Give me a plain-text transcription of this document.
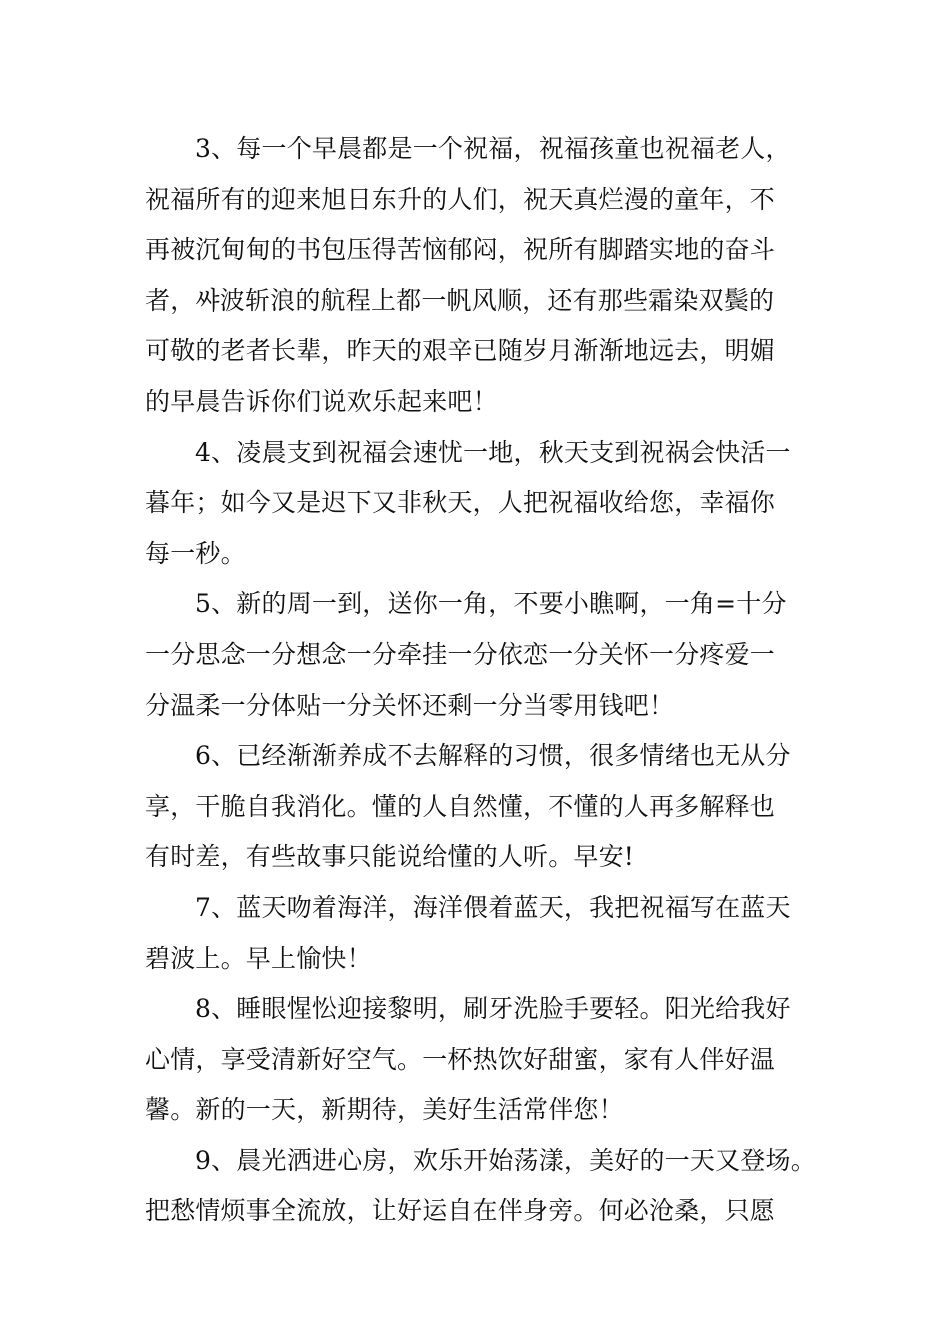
3、每一个早晨都是一个祝福，祝福孩童也祝福老人，
祝福所有的迎来旭日东升的人们，祝天真烂漫的童年，不
再被沉甸甸的书包压得苦恼郁闷，祝所有脚踏实地的奋斗
者，쌰波斩浪的航程上都一帆风顺，还有那些霜染双鬓的
可敬的老者长辈，昨天的艰辛已随岁月渐渐地远去，明媚
的早晨告诉你们说欢乐起来吧！
4、凌晨支到祝福会速忧一地，秋天支到祝祸会快活一
暮年；如今又是迟下又非秋天，人把祝福收给您，幸福你
每一秒。
5、新的周一到，送你一角，不要小瞧啊，一角=十分
一分思念一分想念一分牵挂一分依恋一分关怀一分疼爱一
分温柔一分体贴一分关怀还剩一分当零用钱吧！
6、已经渐渐养成不去解释的习惯，很多情绪也无从分
享，干脆自我消化。懂的人自然懂，不懂的人再多解释也
有时差，有些故事只能说给懂的人听。早安!
7、蓝天吻着海洋，海洋偎着蓝天，我把祝福写在蓝天
碧波上。早上愉快！
8、睡眼惺忪迎接黎明，刷牙洗脸手要轻。阳光给我好
心情，享受清新好空气。一杯热饮好甜蜜，家有人伴好温
馨。新的一天，新期待，美好生活常伴您！
9、晨光洒进心房，欢乐开始荡漾，美好的一天又登场。
把愁情烦事全流放，让好运自在伴身旁。何必沧桑，只愿
